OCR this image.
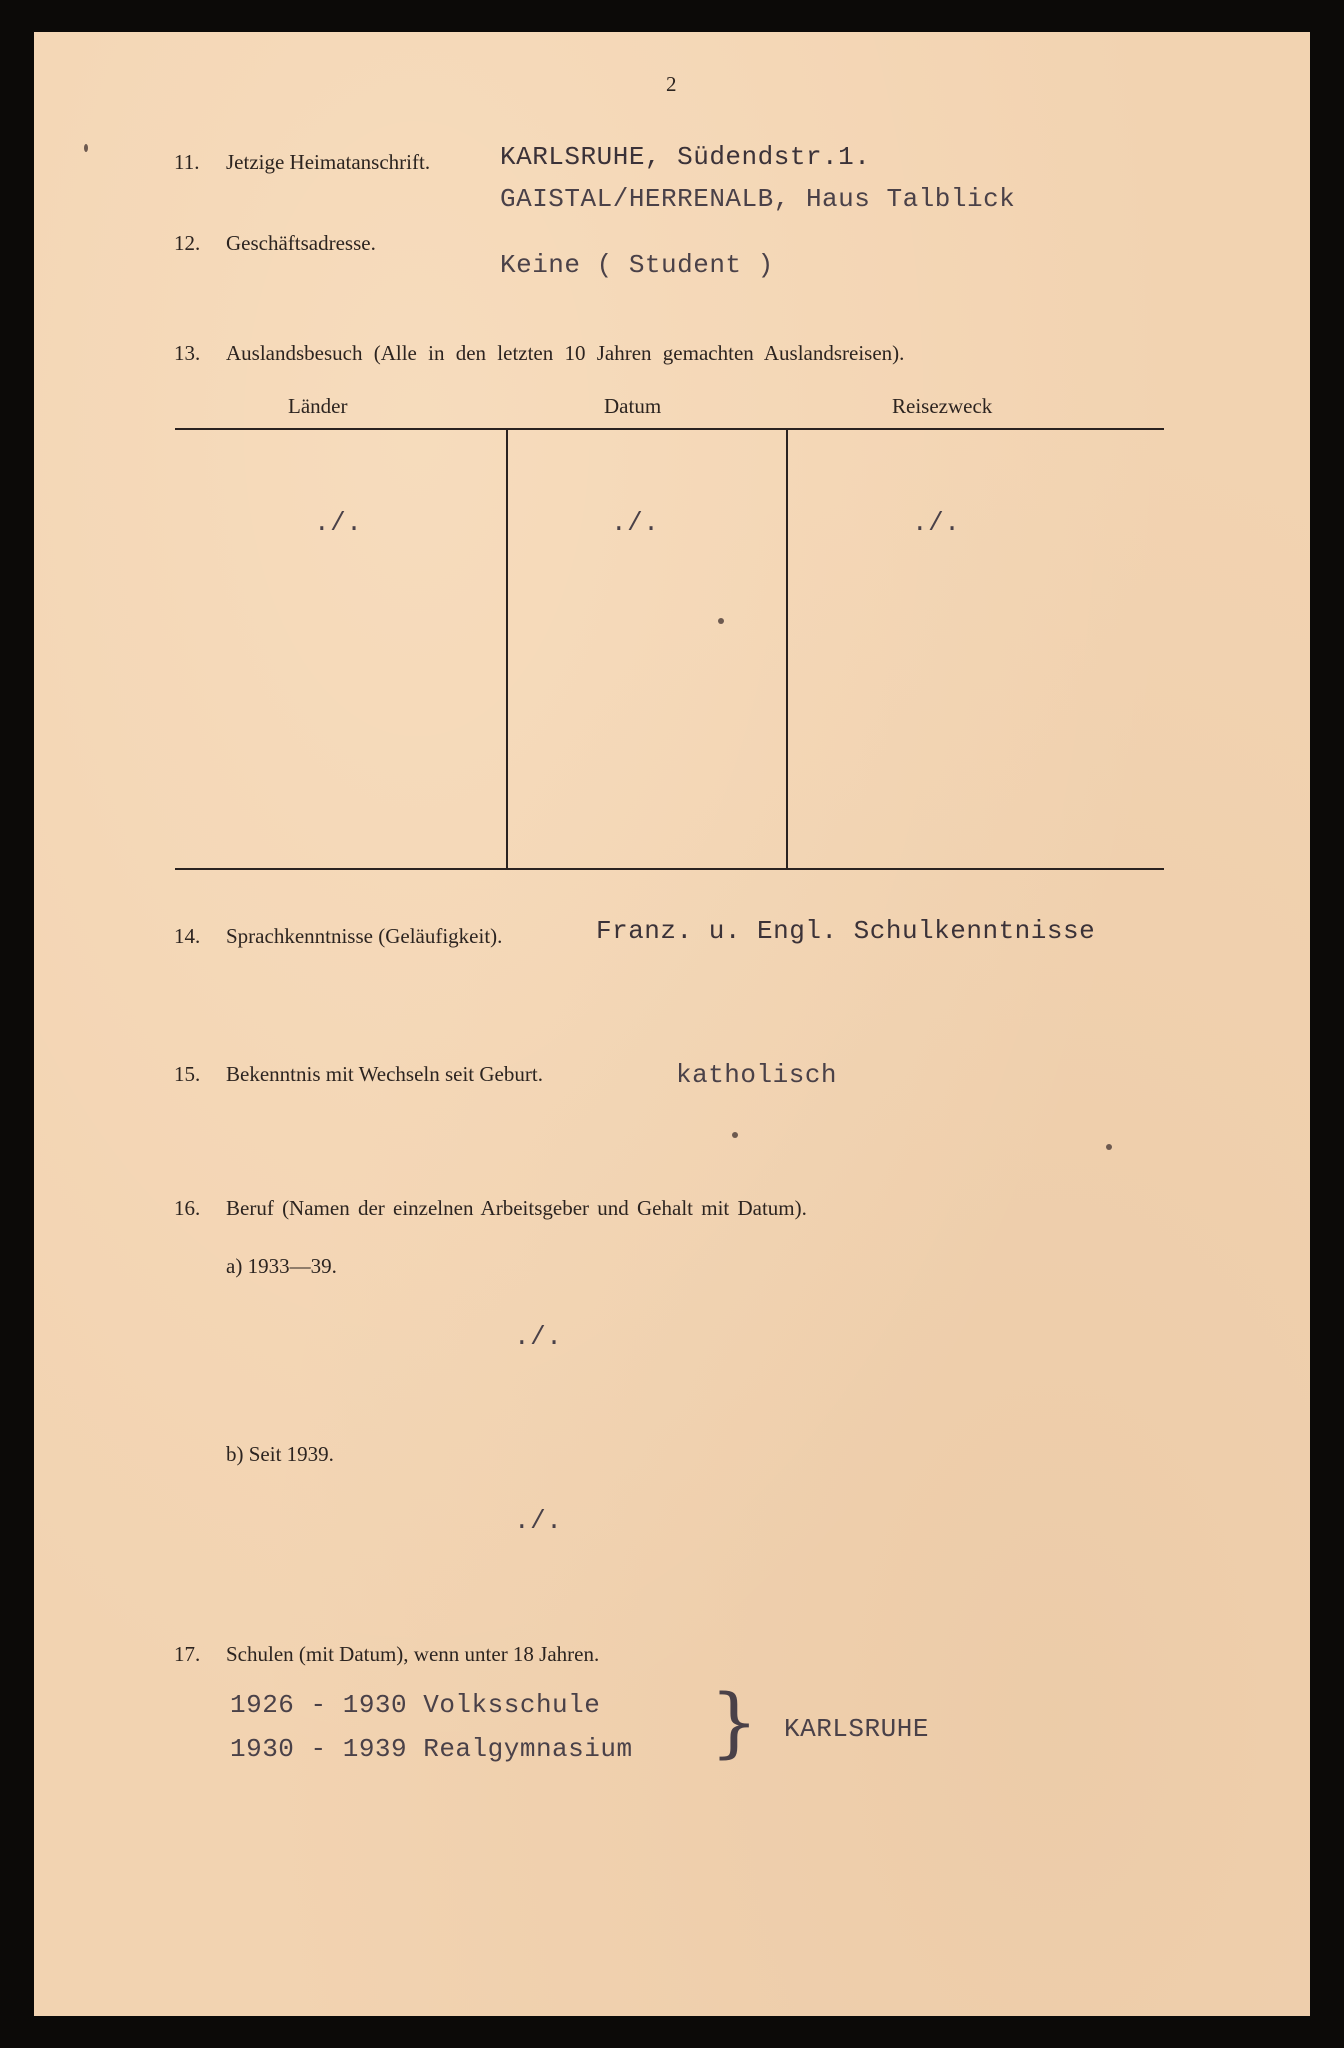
2
11.	Jetzige Heimatanschrift.	KARLSRUHE, Südendstr.1.
GAISTAL/HERRENALB, Haus Talblick
12.	Geschäftsadresse.
Keine ( Student )
13.	Auslandsbesuch (Alle in den letzten 10 Jahren gemachten Auslandsreisen).
Länder	Datum	Reisezweck
./.	./.	./.
14.	Sprachkenntnisse (Geläufigkeit).	Franz. u. Engl. Schulkenntnisse
15.	Bekenntnis mit Wechseln seit Geburt.	katholisch
16.	Beruf (Namen der einzelnen Arbeitsgeber und Gehalt mit Datum).
a) 1933—39.
./.
b) Seit 1939.
./.
17.	Schulen (mit Datum), wenn unter 18 Jahren.
1926 - 1930 Volksschule
1930 - 1939 Realgymnasium } KARLSRUHE
